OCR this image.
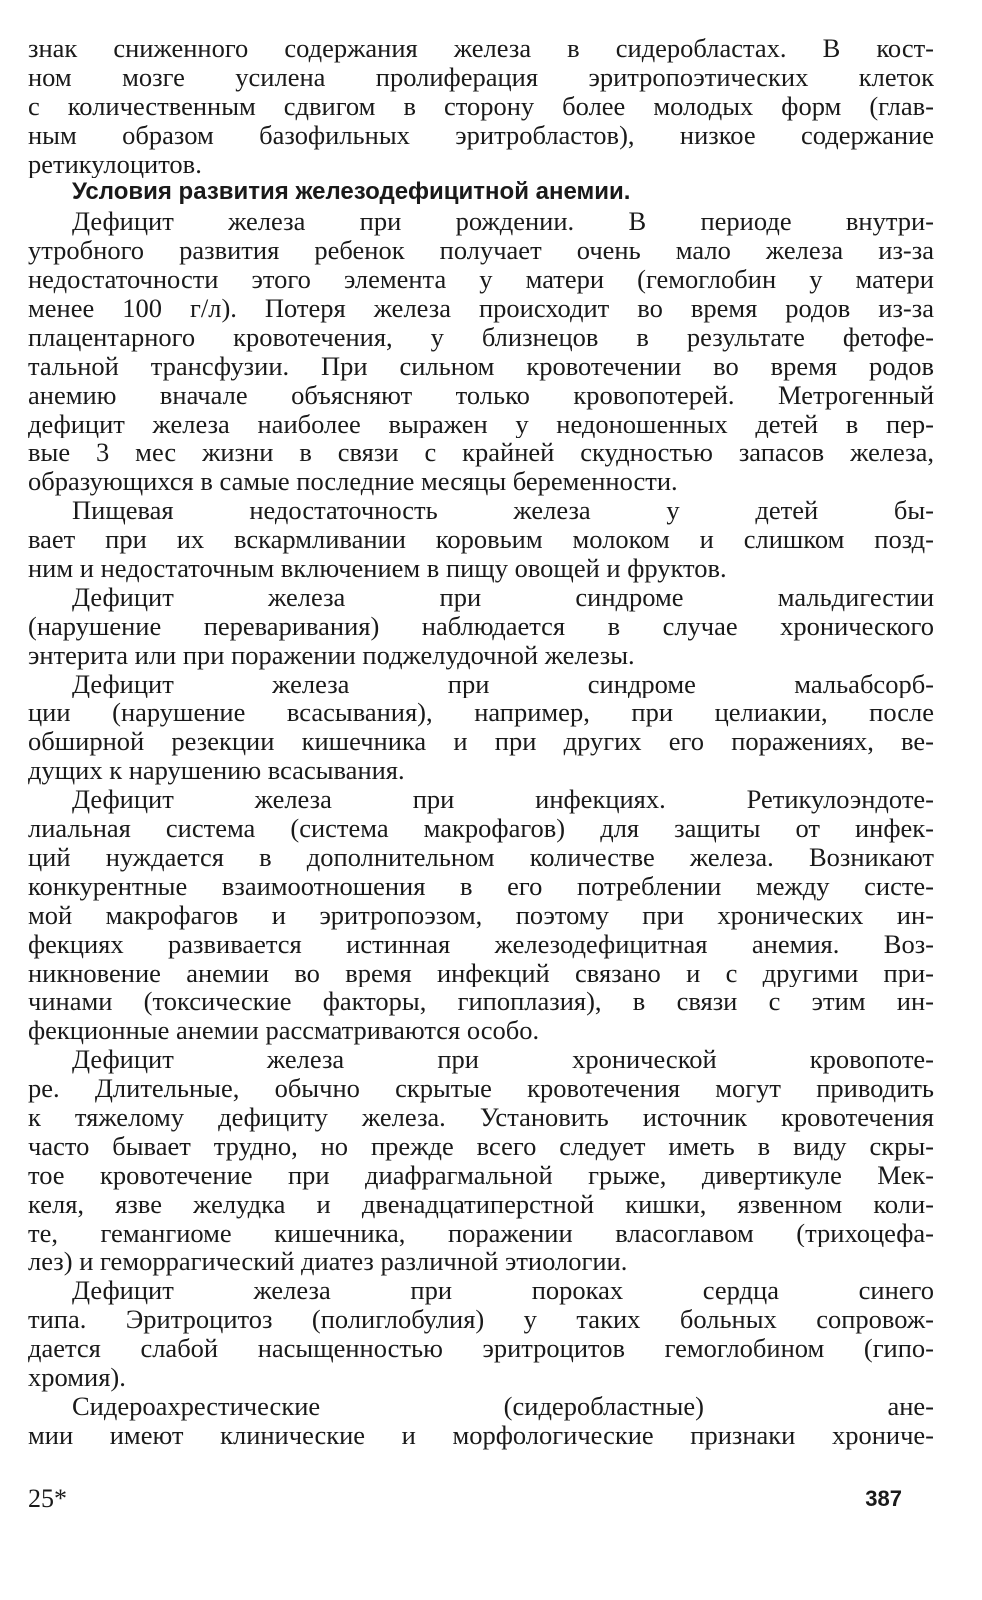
знак сниженного содержания железа в сидеробластах. В кост-
ном мозге усилена пролиферация эритропоэтических клеток
с количественным сдвигом в сторону более молодых форм (глав-
ным образом базофильных эритробластов), низкое содержание
ретикулоцитов.
Условия развития железодефицитной анемии.
Дефицит железа при рождении. В периоде внутри-
утробного развития ребенок получает очень мало железа из-за
недостаточности этого элемента у матери (гемоглобин у матери
менее 100 г/л). Потеря железа происходит во время родов из-за
плацентарного кровотечения, у близнецов в результате фетофе-
тальной трансфузии. При сильном кровотечении во время родов
анемию вначале объясняют только кровопотерей. Метрогенный
дефицит железа наиболее выражен у недоношенных детей в пер-
вые 3 мес жизни в связи с крайней скудностью запасов железа,
образующихся в самые последние месяцы беременности.
Пищевая недостаточность железа у детей бы-
вает при их вскармливании коровьим молоком и слишком позд-
ним и недостаточным включением в пищу овощей и фруктов.
Дефицит железа при синдроме мальдигестии
(нарушение переваривания) наблюдается в случае хронического
энтерита или при поражении поджелудочной железы.
Дефицит железа при синдроме мальабсорб-
ции (нарушение всасывания), например, при целиакии, после
обширной резекции кишечника и при других его поражениях, ве-
дущих к нарушению всасывания.
Дефицит железа при инфекциях. Ретикулоэндоте-
лиальная система (система макрофагов) для защиты от инфек-
ций нуждается в дополнительном количестве железа. Возникают
конкурентные взаимоотношения в его потреблении между систе-
мой макрофагов и эритропоэзом, поэтому при хронических ин-
фекциях развивается истинная железодефицитная анемия. Воз-
никновение анемии во время инфекций связано и с другими при-
чинами (токсические факторы, гипоплазия), в связи с этим ин-
фекционные анемии рассматриваются особо.
Дефицит железа при хронической кровопоте-
ре. Длительные, обычно скрытые кровотечения могут приводить
к тяжелому дефициту железа. Установить источник кровотечения
часто бывает трудно, но прежде всего следует иметь в виду скры-
тое кровотечение при диафрагмальной грыже, дивертикуле Мек-
келя, язве желудка и двенадцатиперстной кишки, язвенном коли-
те, гемангиоме кишечника, поражении власоглавом (трихоцефа-
лез) и геморрагический диатез различной этиологии.
Дефицит железа при пороках сердца синего
типа. Эритроцитоз (полиглобулия) у таких больных сопровож-
дается слабой насыщенностью эритроцитов гемоглобином (гипо-
хромия).
Сидероахрестические (сидеробластные) ане-
мии имеют клинические и морфологические признаки хрониче-
25*	387
